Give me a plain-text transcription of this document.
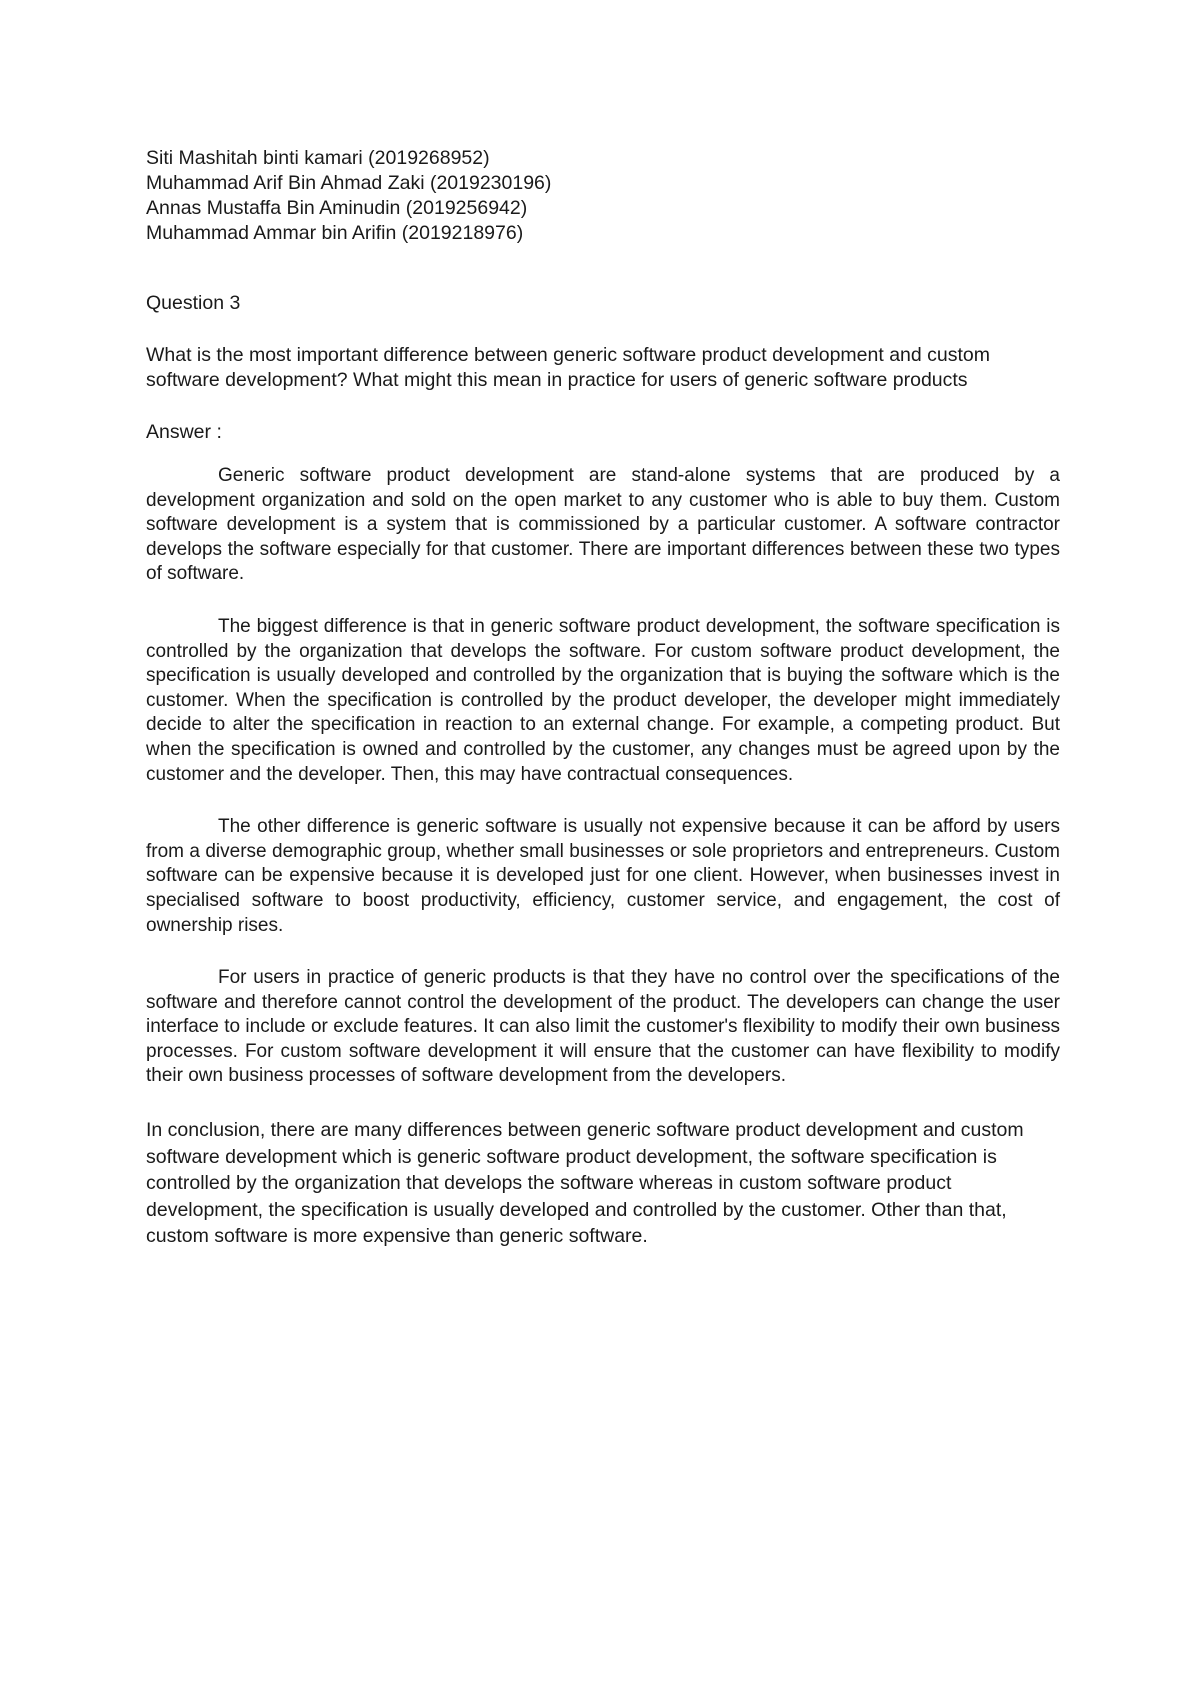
Siti Mashitah binti kamari (2019268952)
Muhammad Arif Bin Ahmad Zaki (2019230196)
Annas Mustaffa Bin Aminudin (2019256942)
Muhammad Ammar bin Arifin (2019218976)
Question 3
What is the most important difference between generic software product development and custom software development? What might this mean in practice for users of generic software products
Answer :

Generic software product development are stand-alone systems that are produced by a development organization and sold on the open market to any customer who is able to buy them. Custom software development is a system that is commissioned by a particular customer. A software contractor develops the software especially for that customer. There are important differences between these two types of software.

The biggest difference is that in generic software product development, the software specification is controlled by the organization that develops the software. For custom software product development, the specification is usually developed and controlled by the organization that is buying the software which is the customer. When the specification is controlled by the product developer, the developer might immediately decide to alter the specification in reaction to an external change. For example, a competing product. But when the specification is owned and controlled by the customer, any changes must be agreed upon by the customer and the developer. Then, this may have contractual consequences.

The other difference is generic software is usually not expensive because it can be afford by users from a diverse demographic group, whether small businesses or sole proprietors and entrepreneurs. Custom software can be expensive because it is developed just for one client. However, when businesses invest in specialised software to boost productivity, efficiency, customer service, and engagement, the cost of ownership rises.

For users in practice of generic products is that they have no control over the specifications of the software and therefore cannot control the development of the product. The developers can change the user interface to include or exclude features. It can also limit the customer's flexibility to modify their own business processes. For custom software development it will ensure that the customer can have flexibility to modify their own business processes of software development from the developers.

In conclusion, there are many differences between generic software product development and custom software development which is generic software product development, the software specification is controlled by the organization that develops the software whereas in custom software product development, the specification is usually developed and controlled by the customer. Other than that, custom software is more expensive than generic software.
